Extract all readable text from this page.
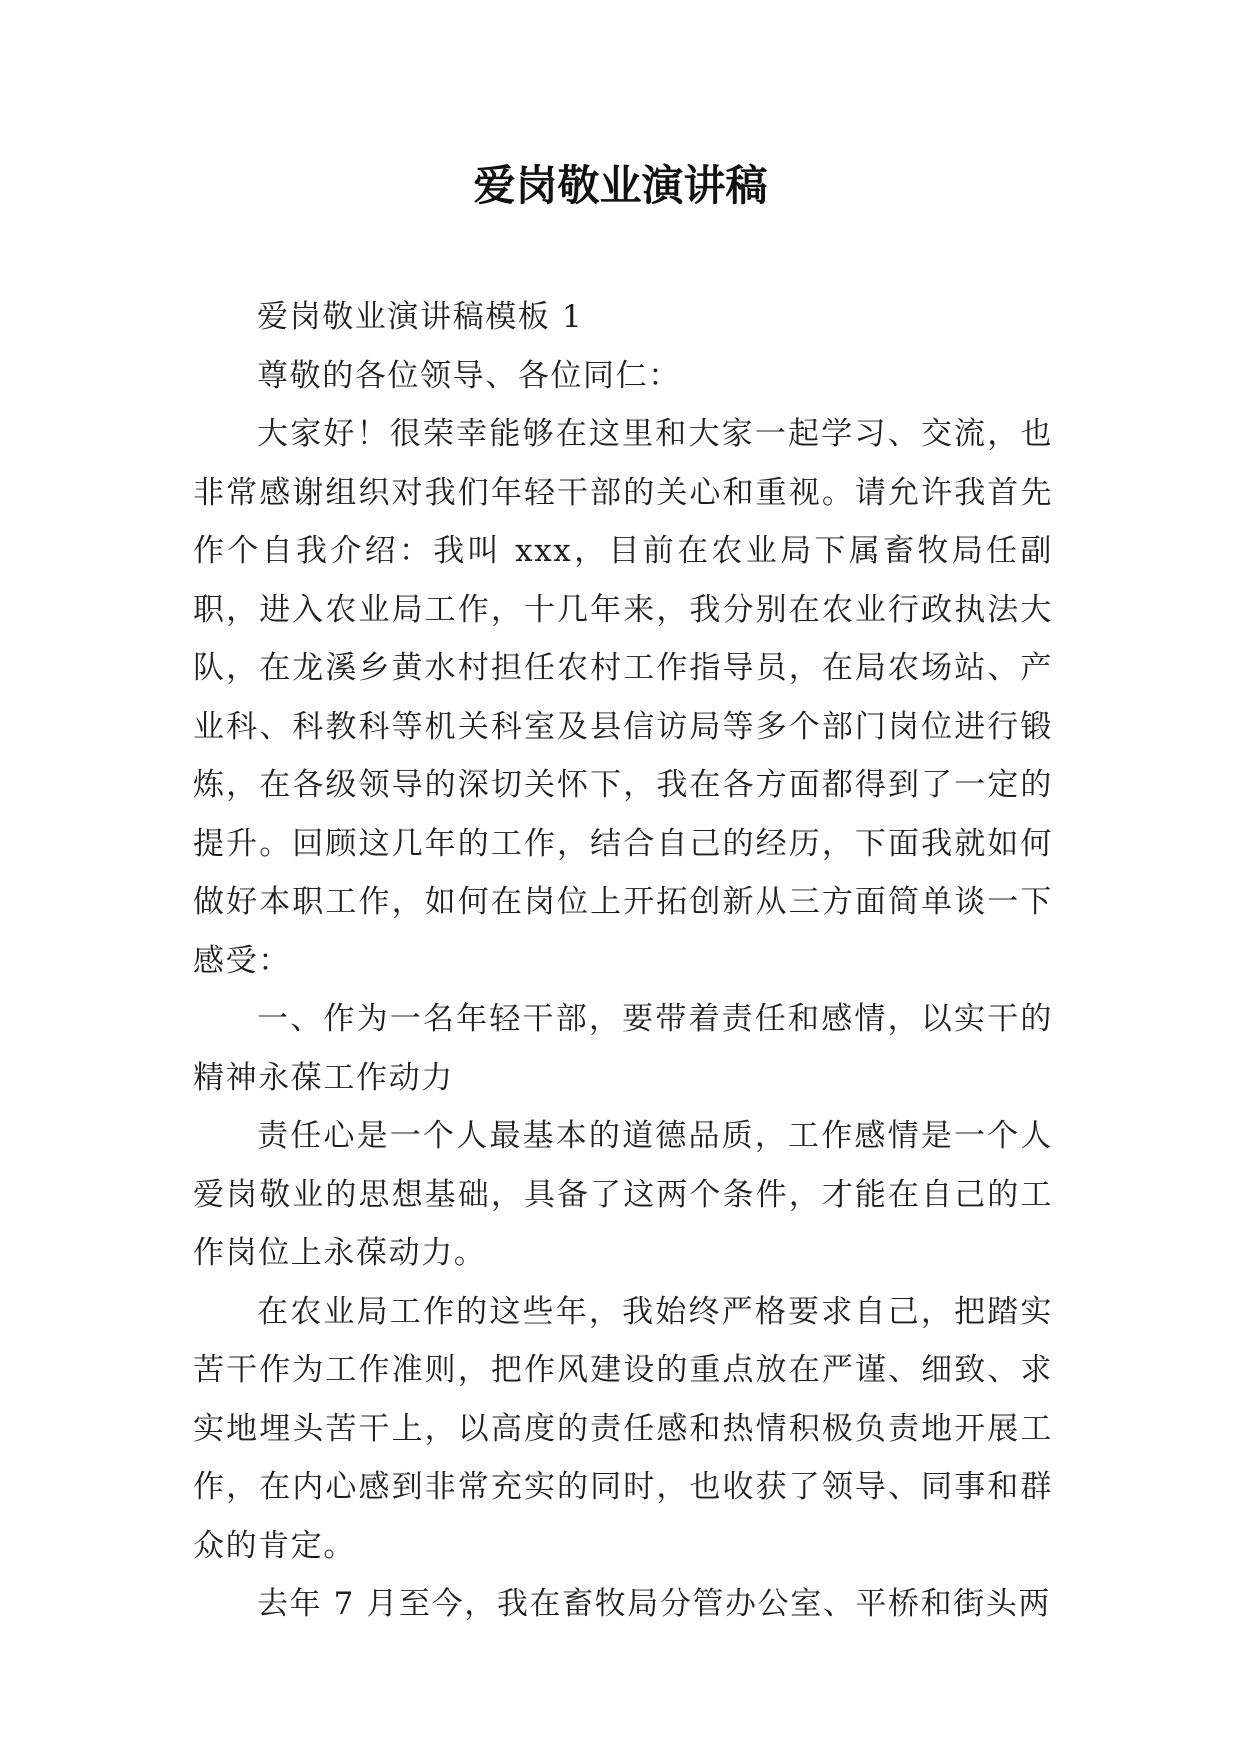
爱岗敬业演讲稿

爱岗敬业演讲稿模板 1

尊敬的各位领导、各位同仁：

大家好！很荣幸能够在这里和大家一起学习、交流，也非常感谢组织对我们年轻干部的关心和重视。请允许我首先作个自我介绍：我叫 xxx，目前在农业局下属畜牧局任副职，进入农业局工作，十几年来，我分别在农业行政执法大队，在龙溪乡黄水村担任农村工作指导员，在局农场站、产业科、科教科等机关科室及县信访局等多个部门岗位进行锻炼，在各级领导的深切关怀下，我在各方面都得到了一定的提升。回顾这几年的工作，结合自己的经历，下面我就如何做好本职工作，如何在岗位上开拓创新从三方面简单谈一下感受：

一、作为一名年轻干部，要带着责任和感情，以实干的精神永葆工作动力

责任心是一个人最基本的道德品质，工作感情是一个人爱岗敬业的思想基础，具备了这两个条件，才能在自己的工作岗位上永葆动力。

在农业局工作的这些年，我始终严格要求自己，把踏实苦干作为工作准则，把作风建设的重点放在严谨、细致、求实地埋头苦干上，以高度的责任感和热情积极负责地开展工作，在内心感到非常充实的同时，也收获了领导、同事和群众的肯定。

去年 7 月至今，我在畜牧局分管办公室、平桥和街头两
